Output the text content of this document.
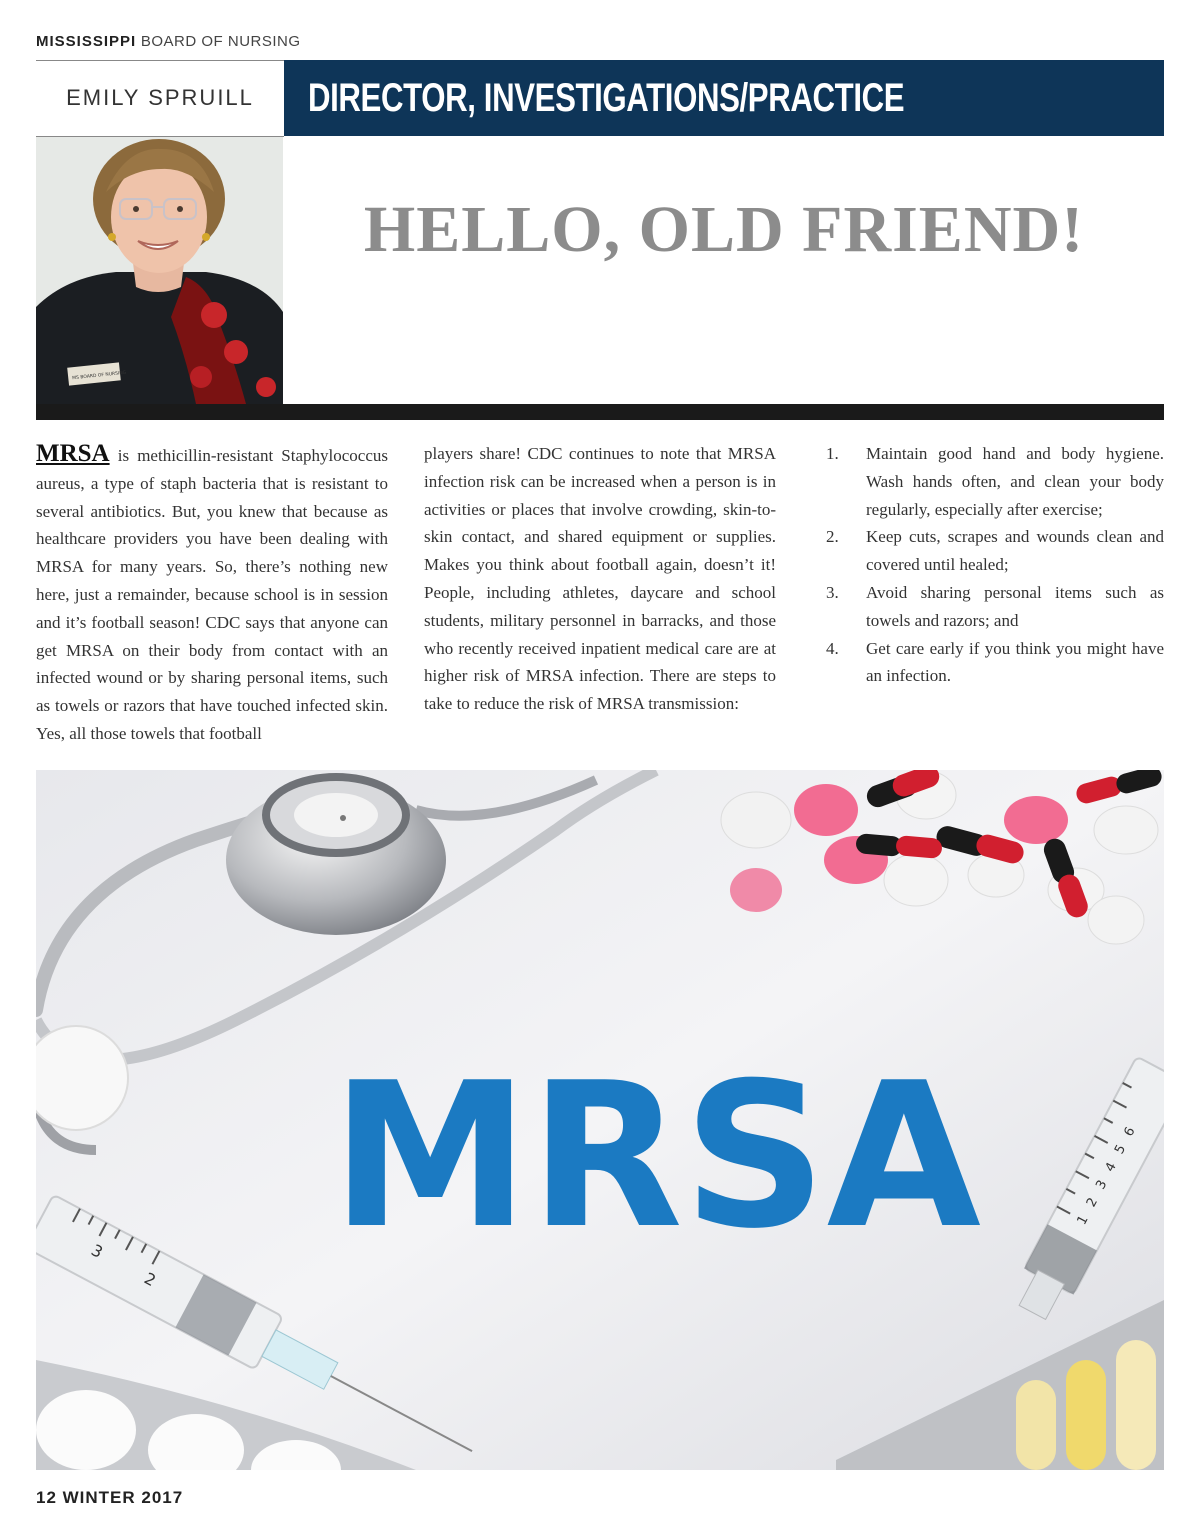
MISSISSIPPI BOARD OF NURSING
EMILY SPRUILL	DIRECTOR, INVESTIGATIONS/PRACTICE
MS BOARD OF NURSING
HELLO, OLD FRIEND!
MRSA is methicillin-resistant Staphylococcus aureus, a type of staph bacteria that is resistant to several antibiotics. But, you knew that because as healthcare providers you have been dealing with MRSA for many years. So, there’s nothing new here, just a remainder, because school is in session and it’s football season! CDC says that anyone can get MRSA on their body from contact with an infected wound or by sharing personal items, such as towels or razors that have touched infected skin. Yes, all those towels that football
players share! CDC continues to note that MRSA infection risk can be increased when a person is in activities or places that involve crowding, skin-to-skin contact, and shared equipment or supplies. Makes you think about football again, doesn’t it! People, including athletes, daycare and school students, military personnel in barracks, and those who recently received inpatient medical care are at higher risk of MRSA infection. There are steps to take to reduce the risk of MRSA transmission:
1.	Maintain good hand and body hygiene. Wash hands often, and clean your body regularly, especially after exercise;
2.	Keep cuts, scrapes and wounds clean and covered until healed;
3.	Avoid sharing personal items such as towels and razors; and
4.	Get care early if you think you might have an infection.
MRSA
3
2
1
2
3
4
5
6
12 WINTER 2017
